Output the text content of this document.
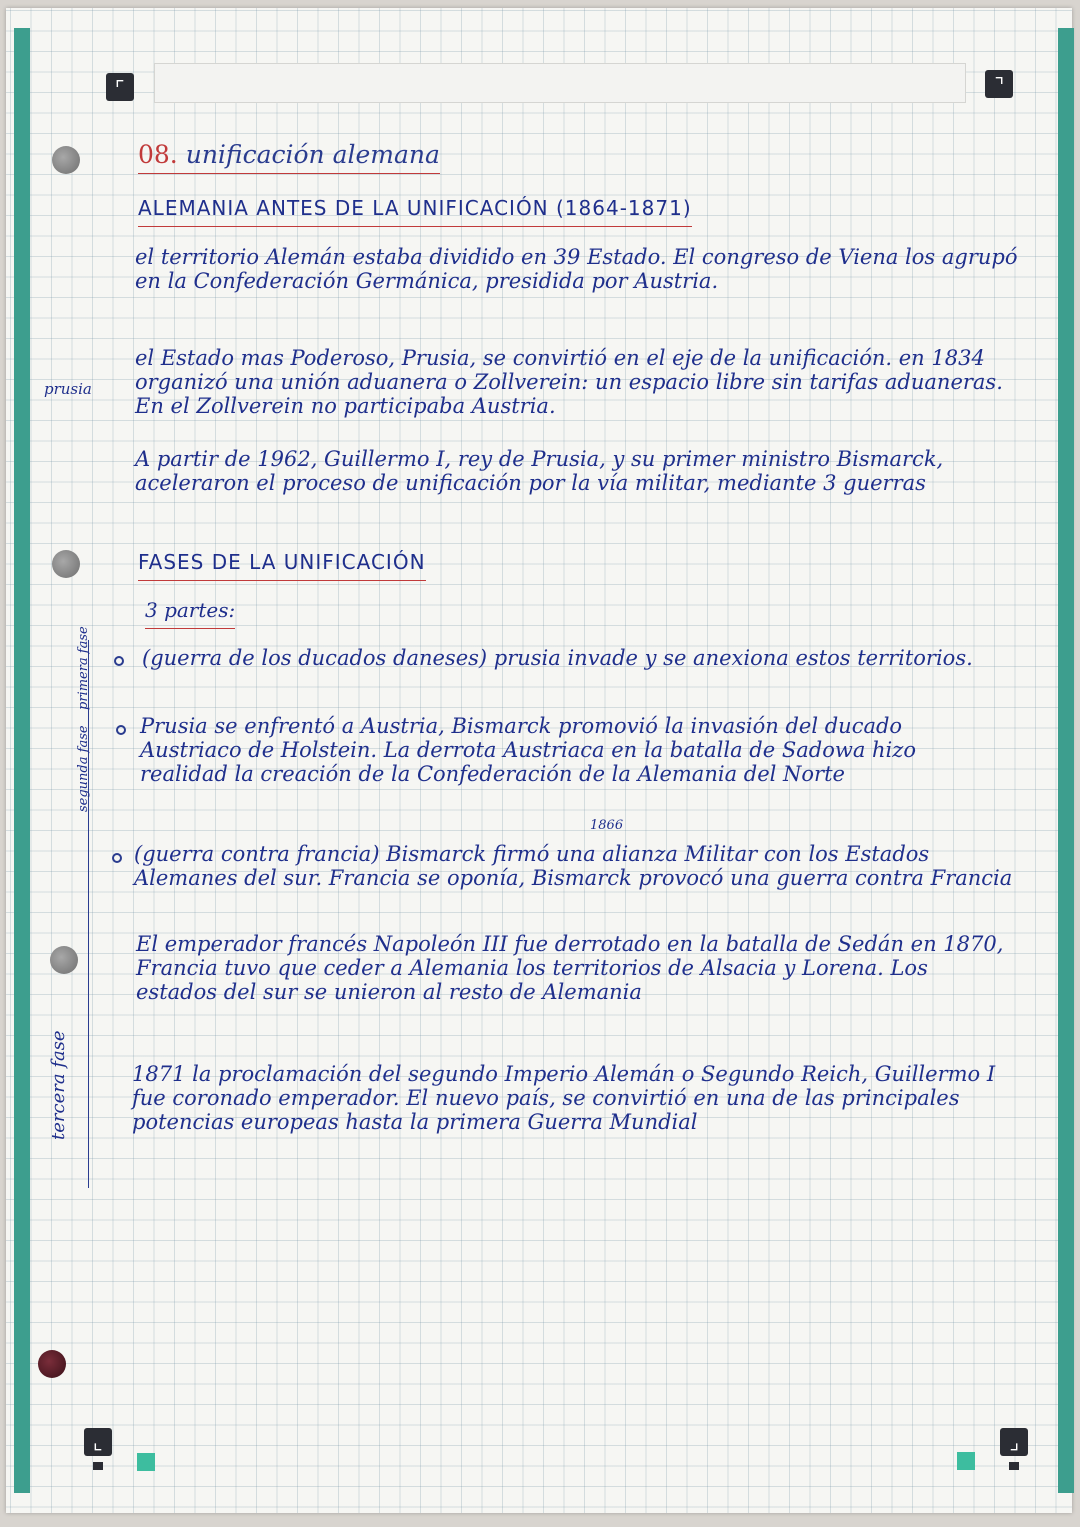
⌜	⌝
⌞	⌟
08. unificación alemana
ALEMANIA ANTES DE LA UNIFICACIÓN (1864-1871)
el territorio Alemán estaba dividido en 39 Estado. El congreso de Viena los agrupó en la Confederación Germánica, presidida por Austria.
el Estado mas Poderoso, Prusia, se convirtió en el eje de la unificación. en 1834 organizó una unión aduanera o Zollverein: un espacio libre sin tarifas aduaneras. En el Zollverein no participaba Austria.
prusia
A partir de 1962, Guillermo I, rey de Prusia, y su primer ministro Bismarck, aceleraron el proceso de unificación por la vía militar, mediante 3 guerras
FASES DE LA UNIFICACIÓN
3 partes:
(guerra de los ducados daneses) prusia invade y se anexiona estos territorios.
Prusia se enfrentó a Austria, Bismarck promovió la invasión del ducado Austriaco de Holstein. La derrota Austriaca en la batalla de Sadowa hizo realidad la creación de la Confederación de la Alemania del Norte
1866
(guerra contra francia) Bismarck firmó una alianza Militar con los Estados Alemanes del sur. Francia se oponía, Bismarck provocó una guerra contra Francia
El emperador francés Napoleón III fue derrotado en la batalla de Sedán en 1870, Francia tuvo que ceder a Alemania los territorios de Alsacia y Lorena. Los estados del sur se unieron al resto de Alemania
1871 la proclamación del segundo Imperio Alemán o Segundo Reich, Guillermo I fue coronado emperador. El nuevo país, se convirtió en una de las principales potencias europeas hasta la primera Guerra Mundial
primera fase
segunda fase
tercera fase
